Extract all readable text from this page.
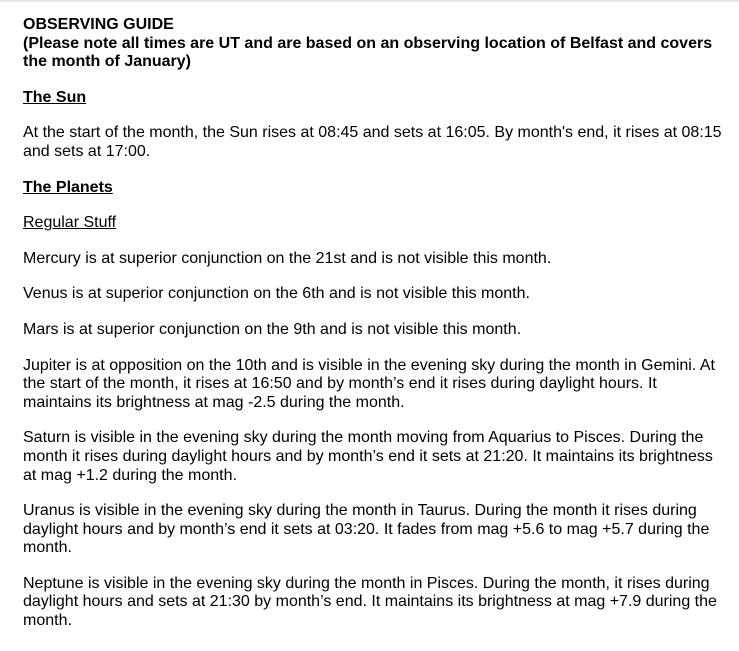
OBSERVING GUIDE
(Please note all times are UT and are based on an observing location of Belfast and covers the month of January)
The Sun

At the start of the month, the Sun rises at 08:45 and sets at 16:05. By month's end, it rises at 08:15 and sets at 17:00.

The Planets
Regular Stuff

Mercury is at superior conjunction on the 21st and is not visible this month.

Venus is at superior conjunction on the 6th and is not visible this month.

Mars is at superior conjunction on the 9th and is not visible this month.

Jupiter is at opposition on the 10th and is visible in the evening sky during the month in Gemini. At the start of the month, it rises at 16:50 and by month’s end it rises during daylight hours. It maintains its brightness at mag -2.5 during the month.

Saturn is visible in the evening sky during the month moving from Aquarius to Pisces. During the month it rises during daylight hours and by month’s end it sets at 21:20. It maintains its brightness at mag +1.2 during the month.

Uranus is visible in the evening sky during the month in Taurus. During the month it rises during daylight hours and by month’s end it sets at 03:20. It fades from mag +5.6 to mag +5.7 during the month.

Neptune is visible in the evening sky during the month in Pisces. During the month, it rises during daylight hours and sets at 21:30 by month’s end. It maintains its brightness at mag +7.9 during the month.
